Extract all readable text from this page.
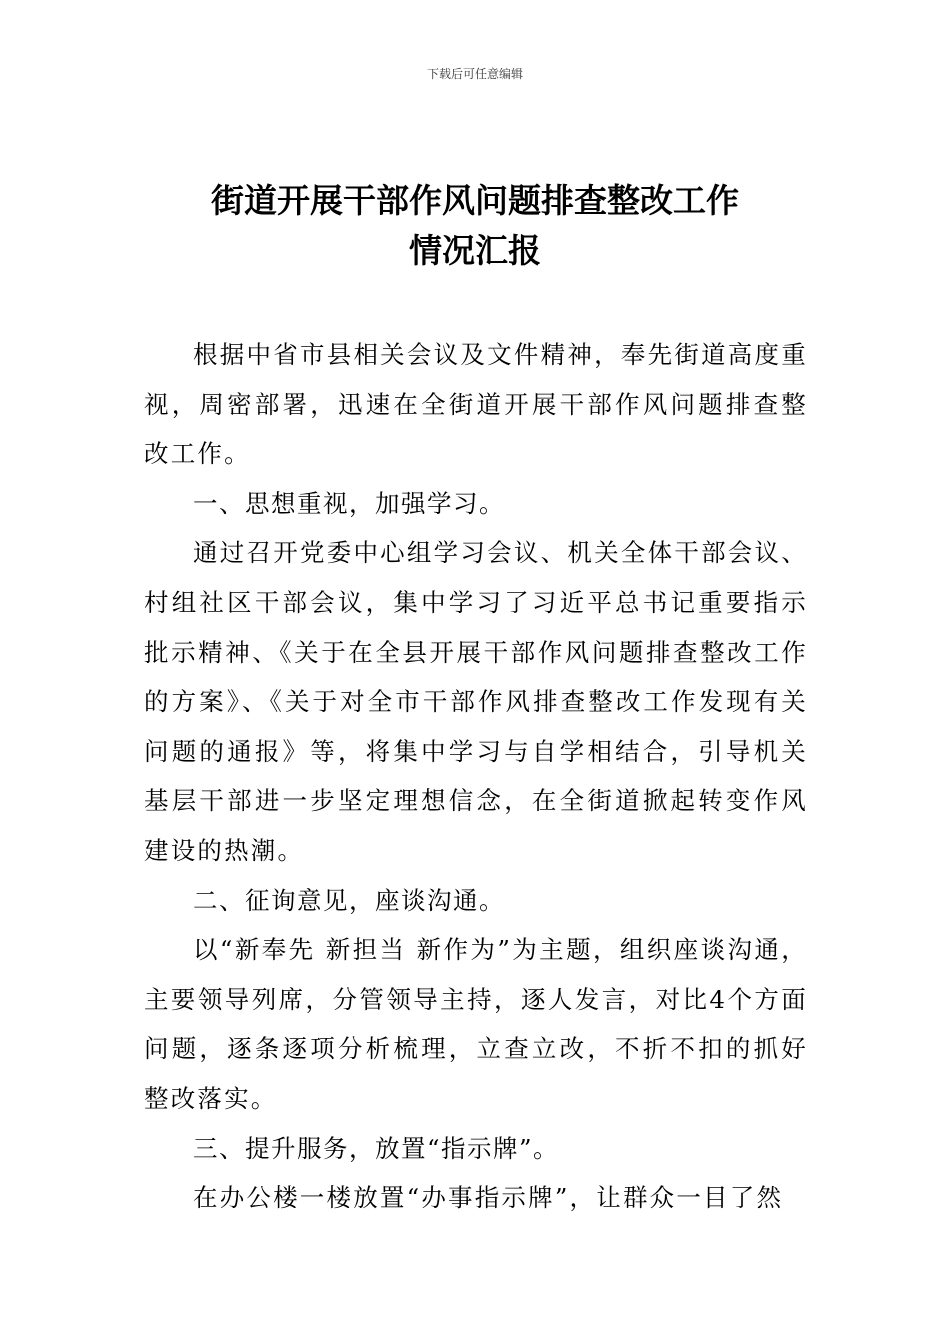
下载后可任意编辑
街道开展干部作风问题排查整改工作
情况汇报

根据中省市县相关会议及文件精神，奉先街道高度重视，周密部署，迅速在全街道开展干部作风问题排查整改工作。

一、思想重视，加强学习。

通过召开党委中心组学习会议、机关全体干部会议、村组社区干部会议，集中学习了习近平总书记重要指示批示精神、《关于在全县开展干部作风问题排查整改工作的方案》、《关于对全市干部作风排查整改工作发现有关问题的通报》等，将集中学习与自学相结合，引导机关基层干部进一步坚定理想信念，在全街道掀起转变作风建设的热潮。

二、征询意见，座谈沟通。

以“新奉先 新担当 新作为”为主题，组织座谈沟通，主要领导列席，分管领导主持，逐人发言，对比4个方面问题，逐条逐项分析梳理，立查立改，不折不扣的抓好整改落实。

三、提升服务，放置“指示牌”。

在办公楼一楼放置“办事指示牌”，让群众一目了然
